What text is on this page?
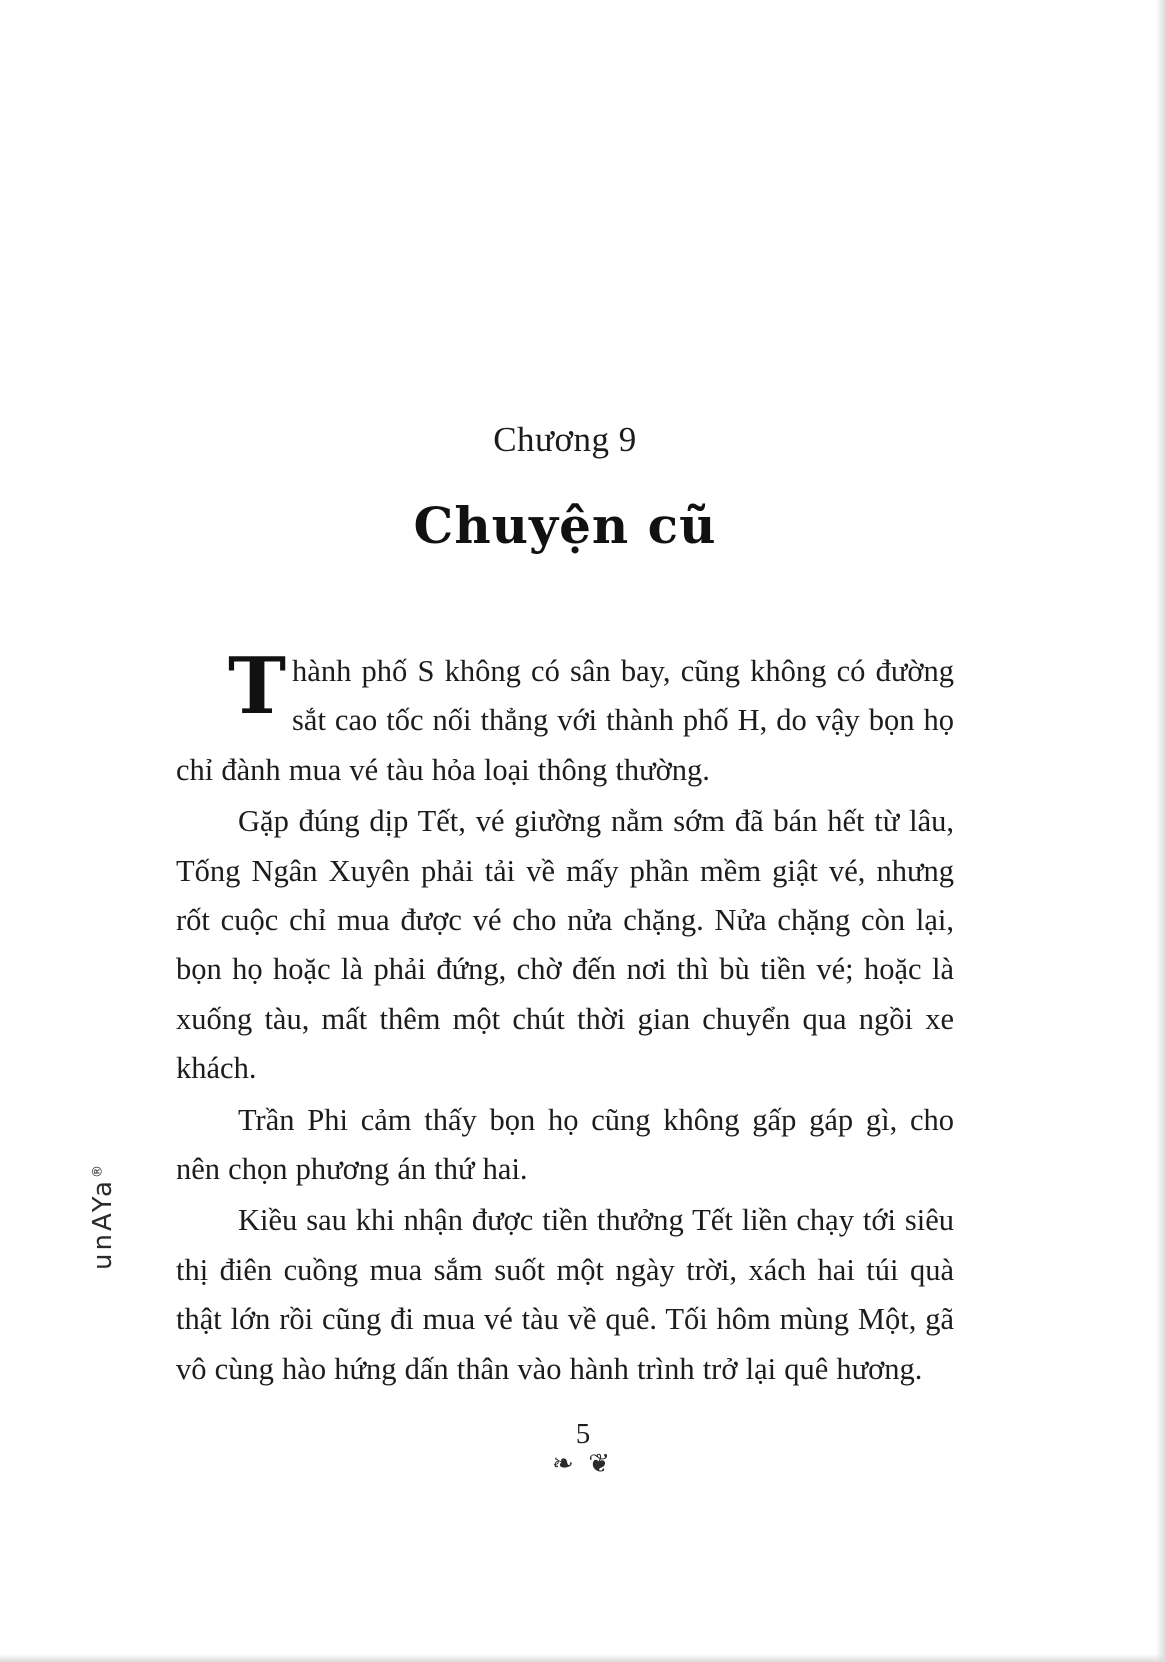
unAYa®
Chương 9
Chuyện cũ

Thành phố S không có sân bay, cũng không có đường sắt cao tốc nối thẳng với thành phố H, do vậy bọn họ chỉ đành mua vé tàu hỏa loại thông thường.

Gặp đúng dịp Tết, vé giường nằm sớm đã bán hết từ lâu, Tống Ngân Xuyên phải tải về mấy phần mềm giật vé, nhưng rốt cuộc chỉ mua được vé cho nửa chặng. Nửa chặng còn lại, bọn họ hoặc là phải đứng, chờ đến nơi thì bù tiền vé; hoặc là xuống tàu, mất thêm một chút thời gian chuyển qua ngồi xe khách.

Trần Phi cảm thấy bọn họ cũng không gấp gáp gì, cho nên chọn phương án thứ hai.

Kiều sau khi nhận được tiền thưởng Tết liền chạy tới siêu thị điên cuồng mua sắm suốt một ngày trời, xách hai túi quà thật lớn rồi cũng đi mua vé tàu về quê. Tối hôm mùng Một, gã vô cùng hào hứng dấn thân vào hành trình trở lại quê hương.

5
❧ ❦
